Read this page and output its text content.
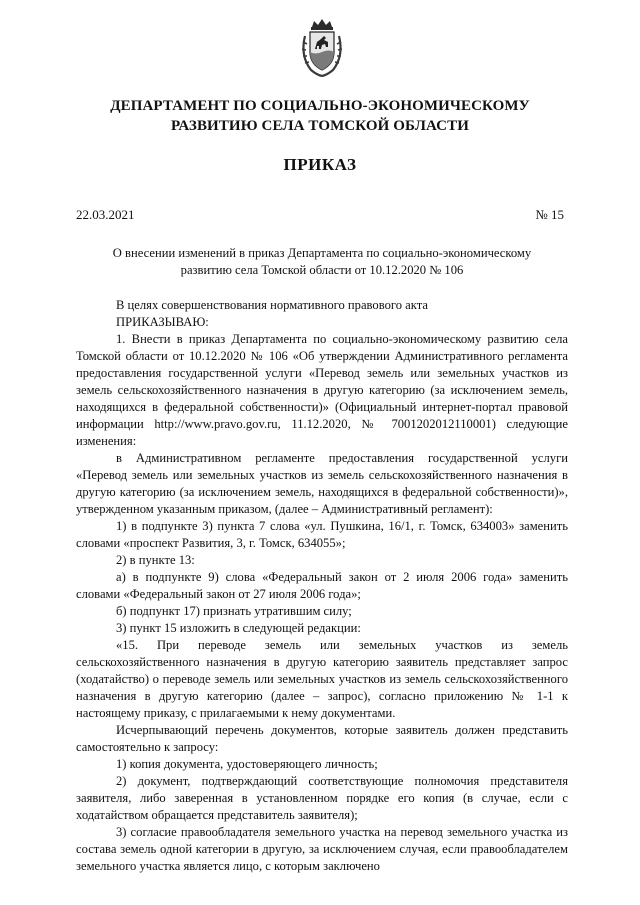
ДЕПАРТАМЕНТ ПО СОЦИАЛЬНО-ЭКОНОМИЧЕСКОМУ
РАЗВИТИЮ СЕЛА ТОМСКОЙ ОБЛАСТИ
ПРИКАЗ
22.03.2021	№ 15
О внесении изменений в приказ Департамента по социально-экономическому
развитию села Томской области от 10.12.2020 № 106

В целях совершенствования нормативного правового акта

ПРИКАЗЫВАЮ:

1. Внести в приказ Департамента по социально-экономическому развитию села Томской области от 10.12.2020 № 106 «Об утверждении Административного регламента предоставления государственной услуги «Перевод земель или земельных участков из земель сельскохозяйственного назначения в другую категорию (за исключением земель, находящихся в федеральной собственности)» (Официальный интернет-портал правовой информации http://www.pravo.gov.ru, 11.12.2020, № 7001202012110001) следующие изменения:

в Административном регламенте предоставления государственной услуги «Перевод земель или земельных участков из земель сельскохозяйственного назначения в другую категорию (за исключением земель, находящихся в федеральной собственности)», утвержденном указанным приказом, (далее – Административный регламент):

1) в подпункте 3) пункта 7 слова «ул. Пушкина, 16/1, г. Томск, 634003» заменить словами «проспект Развития, 3, г. Томск, 634055»;

2) в пункте 13:

а) в подпункте 9) слова «Федеральный закон от 2 июля 2006 года» заменить словами «Федеральный закон от 27 июля 2006 года»;

б) подпункт 17) признать утратившим силу;

3) пункт 15 изложить в следующей редакции:

«15. При переводе земель или земельных участков из земель сельскохозяйственного назначения в другую категорию заявитель представляет запрос (ходатайство) о переводе земель или земельных участков из земель сельскохозяйственного назначения в другую категорию (далее – запрос), согласно приложению № 1-1 к настоящему приказу, с прилагаемыми к нему документами.

Исчерпывающий перечень документов, которые заявитель должен представить самостоятельно к запросу:

1) копия документа, удостоверяющего личность;

2) документ, подтверждающий соответствующие полномочия представителя заявителя, либо заверенная в установленном порядке его копия (в случае, если с ходатайством обращается представитель заявителя);

3) согласие правообладателя земельного участка на перевод земельного участка из состава земель одной категории в другую, за исключением случая, если правообладателем земельного участка является лицо, с которым заключено
